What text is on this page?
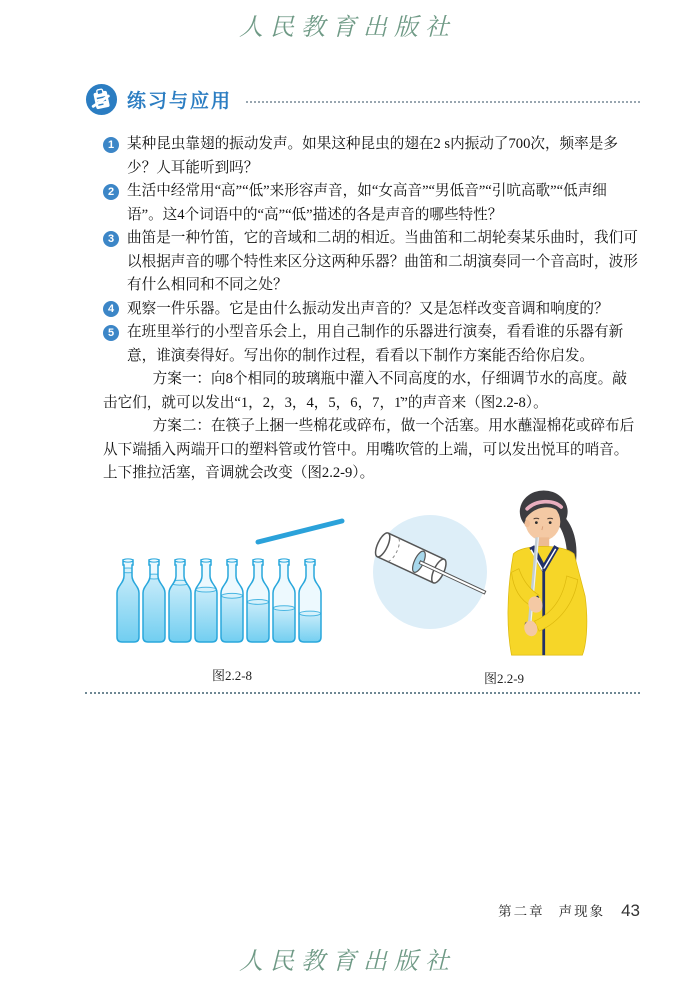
人民教育出版社
练习与应用
1 某种昆虫靠翅的振动发声。如果这种昆虫的翅在2 s内振动了700次，频率是多少？人耳能听到吗？
2 生活中经常用“高”“低”来形容声音，如“女高音”“男低音”“引吭高歌”“低声细语”。这4个词语中的“高”“低”描述的各是声音的哪些特性？
3 曲笛是一种竹笛，它的音域和二胡的相近。当曲笛和二胡轮奏某乐曲时，我们可以根据声音的哪个特性来区分这两种乐器？曲笛和二胡演奏同一个音高时，波形有什么相同和不同之处？
4 观察一件乐器。它是由什么振动发出声音的？又是怎样改变音调和响度的？
5 在班里举行的小型音乐会上，用自己制作的乐器进行演奏，看看谁的乐器有新意，谁演奏得好。写出你的制作过程，看看以下制作方案能否给你启发。

方案一：向8个相同的玻璃瓶中灌入不同高度的水，仔细调节水的高度。敲击它们，就可以发出“1，2，3，4，5，6，7，1̇”的声音来（图2.2-8）。

方案二：在筷子上捆一些棉花或碎布，做一个活塞。用水蘸湿棉花或碎布后从下端插入两端开口的塑料管或竹管中。用嘴吹管的上端，可以发出悦耳的哨音。上下推拉活塞，音调就会改变（图2.2-9）。

图2.2-8	图2.2-9
第二章 声现象 43
人民教育出版社
